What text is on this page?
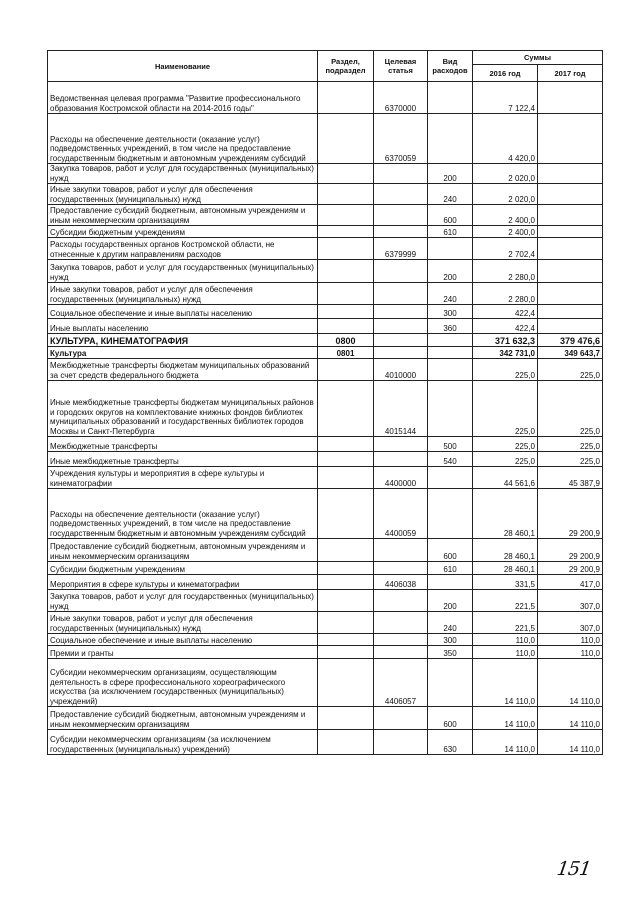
Наименование	Раздел, подраздел	Целевая статья	Вид расходов	Суммы	
				2016 год	2017 год
Ведомственная целевая программа "Развитие профессионального образования Костромской области на 2014-2016 годы"		6370000		7 122,4	
Расходы на обеспечение деятельности (оказание услуг) подведомственных учреждений, в том числе на предоставление государственным бюджетным и автономным учреждениям субсидий		6370059		4 420,0	
Закупка товаров, работ и услуг для государственных (муниципальных) нужд			200	2 020,0	
Иные закупки товаров, работ и услуг для обеспечения государственных (муниципальных) нужд			240	2 020,0	
Предоставление субсидий бюджетным, автономным учреждениям и иным некоммерческим организациям			600	2 400,0	
Субсидии бюджетным учреждениям			610	2 400,0	
Расходы государственных органов Костромской области, не отнесенные к другим направлениям расходов		6379999		2 702,4	
Закупка товаров, работ и услуг для государственных (муниципальных) нужд			200	2 280,0	
Иные закупки товаров, работ и услуг для обеспечения государственных (муниципальных) нужд			240	2 280,0	
Социальное обеспечение и иные выплаты населению			300	422,4	
Иные выплаты населению			360	422,4	
КУЛЬТУРА, КИНЕМАТОГРАФИЯ	0800			371 632,3	379 476,6
Культура	0801			342 731,0	349 643,7
Межбюджетные трансферты бюджетам муниципальных образований за счет средств федерального бюджета		4010000		225,0	225,0
Иные межбюджетные трансферты бюджетам муниципальных районов и городских округов на комплектование книжных фондов библиотек муниципальных образований и государственных библиотек городов Москвы и Санкт-Петербурга		4015144		225,0	225,0
Межбюджетные трансферты			500	225,0	225,0
Иные межбюджетные трансферты			540	225,0	225,0
Учреждения культуры и мероприятия в сфере культуры и кинематографии		4400000		44 561,6	45 387,9
Расходы на обеспечение деятельности (оказание услуг) подведомственных учреждений, в том числе на предоставление государственным бюджетным и автономным учреждениям субсидий		4400059		28 460,1	29 200,9
Предоставление субсидий бюджетным, автономным учреждениям и иным некоммерческим организациям			600	28 460,1	29 200,9
Субсидии бюджетным учреждениям			610	28 460,1	29 200,9
Мероприятия в сфере культуры и кинематографии		4406038		331,5	417,0
Закупка товаров, работ и услуг для государственных (муниципальных) нужд			200	221,5	307,0
Иные закупки товаров, работ и услуг для обеспечения государственных (муниципальных) нужд			240	221,5	307,0
Социальное обеспечение и иные выплаты населению			300	110,0	110,0
Премии и гранты			350	110,0	110,0
Субсидии некоммерческим организациям, осуществляющим деятельность в сфере профессионального хореографического искусства (за исключением государственных (муниципальных) учреждений)		4406057		14 110,0	14 110,0
Предоставление субсидий бюджетным, автономным учреждениям и иным некоммерческим организациям			600	14 110,0	14 110,0
Субсидии некоммерческим организациям (за исключением государственных (муниципальных) учреждений)			630	14 110,0	14 110,0
151
